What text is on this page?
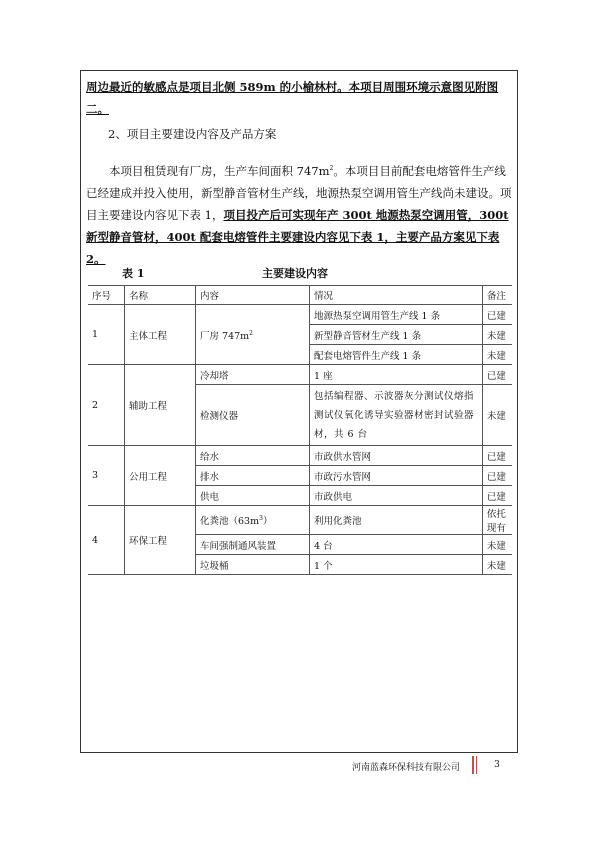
周边最近的敏感点是项目北侧 589m 的小榆林村。本项目周围环境示意图见附图二。
2、项目主要建设内容及产品方案
本项目租赁现有厂房，生产车间面积 $747m^2$。本项目目前配套电熔管件生产线已经建成并投入使用，新型静音管材生产线，地源热泵空调用管生产线尚未建设。项目主要建设内容见下表 1，项目投产后可实现年产 300t 地源热泵空调用管，300t 新型静音管材，400t 配套电熔管件主要建设内容见下表 1，主要产品方案见下表 2。
表 1	主要建设内容
序号	名称	内容	情况	备注
1	主体工程	厂房 $747m^2$	地源热泵空调用管生产线 1 条	已建
			新型静音管材生产线 1 条	未建
			配套电熔管件生产线 1 条	未建
2	辅助工程	冷却塔	1 座	已建
		检测仪器	包括编程器、示波器灰分测试仪熔指测试仪氧化诱导实验器材密封试验器材，共 6 台	未建
3	公用工程	给水	市政供水管网	已建
		排水	市政污水管网	已建
		供电	市政供电	已建
4	环保工程	化粪池$(63m^3)$	利用化粪池	依托现有
		车间强制通风装置	4 台	未建
		垃圾桶	1 个	未建
河南蓝森环保科技有限公司	3
